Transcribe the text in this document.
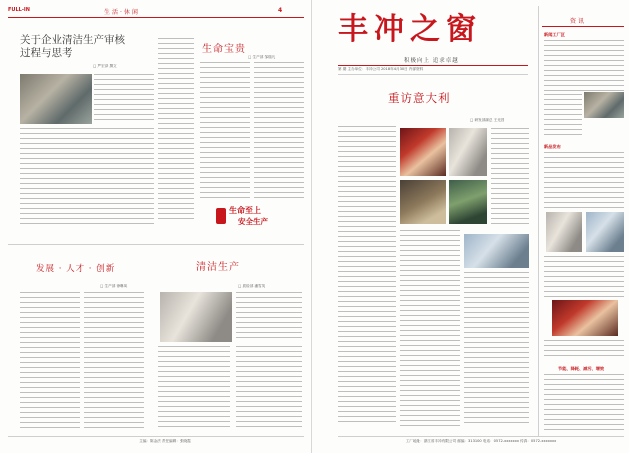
FULL-IN	生活·休闲	4
关于企业清洁生产审核
过程与思考
□ 严宏泽 撰文
生命宝贵
□ 生产部 邹瑞凡
生命至上
安全生产
发展 · 人才 · 创新
□ 生产部 徐琳凤
清洁生产
□ 质检部 潘雪英
主编：陈金法 责任编辑：张晓霞
丰冲之窗
积极向上 追求卓越
第 期 主办单位：丰冲公司 2018年4月30日 内部资料
重访意大利
□ 研发部副总 王光昌
资讯
新闻工厂区
新品发布
节能、降耗、减污、增效
工厂地址：浙江省丰冲有限公司 邮编：313100 电话：0572-xxxxxxx 传真：0572-xxxxxxx
